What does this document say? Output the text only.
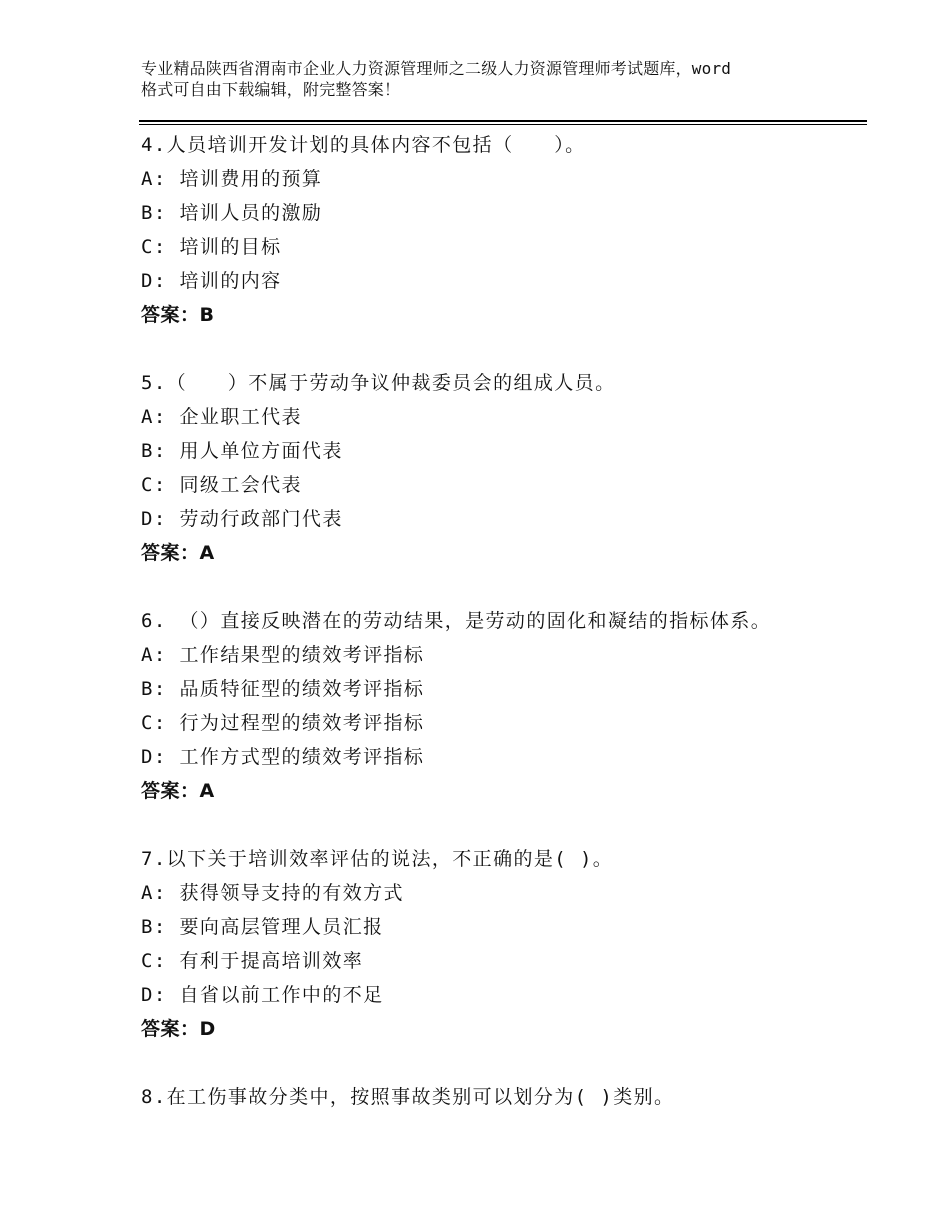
专业精品陕西省渭南市企业人力资源管理师之二级人力资源管理师考试题库，word
格式可自由下载编辑，附完整答案！
4.人员培训开发计划的具体内容不包括（　　）。
A: 培训费用的预算
B: 培训人员的激励
C: 培训的目标
D: 培训的内容
答案：B
5.（　　）不属于劳动争议仲裁委员会的组成人员。
A: 企业职工代表
B: 用人单位方面代表
C: 同级工会代表
D: 劳动行政部门代表
答案：A
6. （）直接反映潜在的劳动结果，是劳动的固化和凝结的指标体系。
A: 工作结果型的绩效考评指标
B: 品质特征型的绩效考评指标
C: 行为过程型的绩效考评指标
D: 工作方式型的绩效考评指标
答案：A
7.以下关于培训效率评估的说法，不正确的是( )。
A: 获得领导支持的有效方式
B: 要向高层管理人员汇报
C: 有利于提高培训效率
D: 自省以前工作中的不足
答案：D
8.在工伤事故分类中，按照事故类别可以划分为( )类别。
